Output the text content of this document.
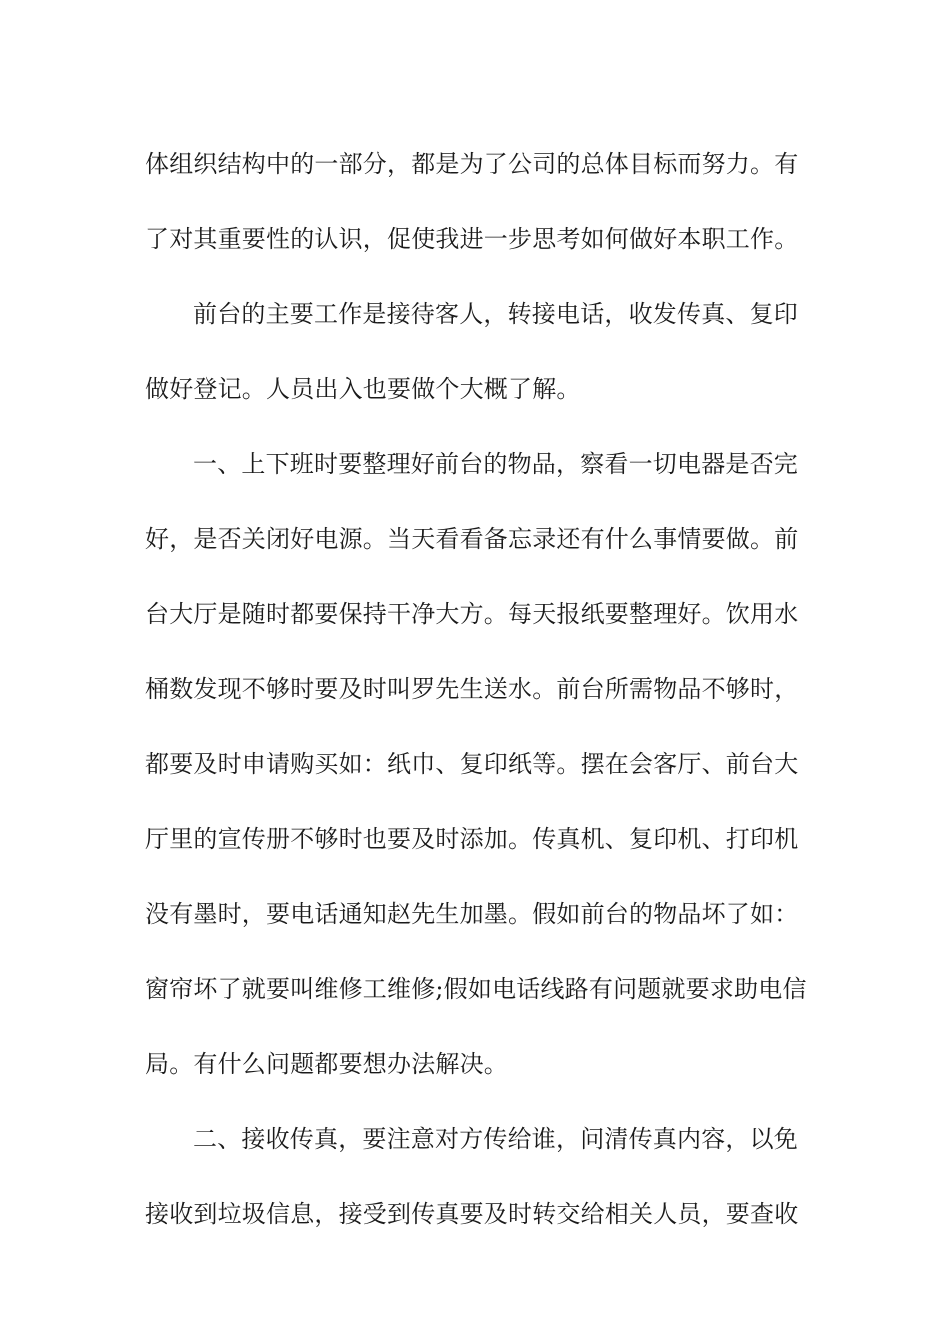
体组织结构中的一部分，都是为了公司的总体目标而努力。有
了对其重要性的认识，促使我进一步思考如何做好本职工作。
前台的主要工作是接待客人，转接电话，收发传真、复印
做好登记。人员出入也要做个大概了解。
一、上下班时要整理好前台的物品，察看一切电器是否完
好，是否关闭好电源。当天看看备忘录还有什么事情要做。前
台大厅是随时都要保持干净大方。每天报纸要整理好。饮用水
桶数发现不够时要及时叫罗先生送水。前台所需物品不够时，
都要及时申请购买如：纸巾、复印纸等。摆在会客厅、前台大
厅里的宣传册不够时也要及时添加。传真机、复印机、打印机
没有墨时，要电话通知赵先生加墨。假如前台的物品坏了如：
窗帘坏了就要叫维修工维修;假如电话线路有问题就要求助电信
局。有什么问题都要想办法解决。
二、接收传真，要注意对方传给谁，问清传真内容，以免
接收到垃圾信息，接受到传真要及时转交给相关人员，要查收
